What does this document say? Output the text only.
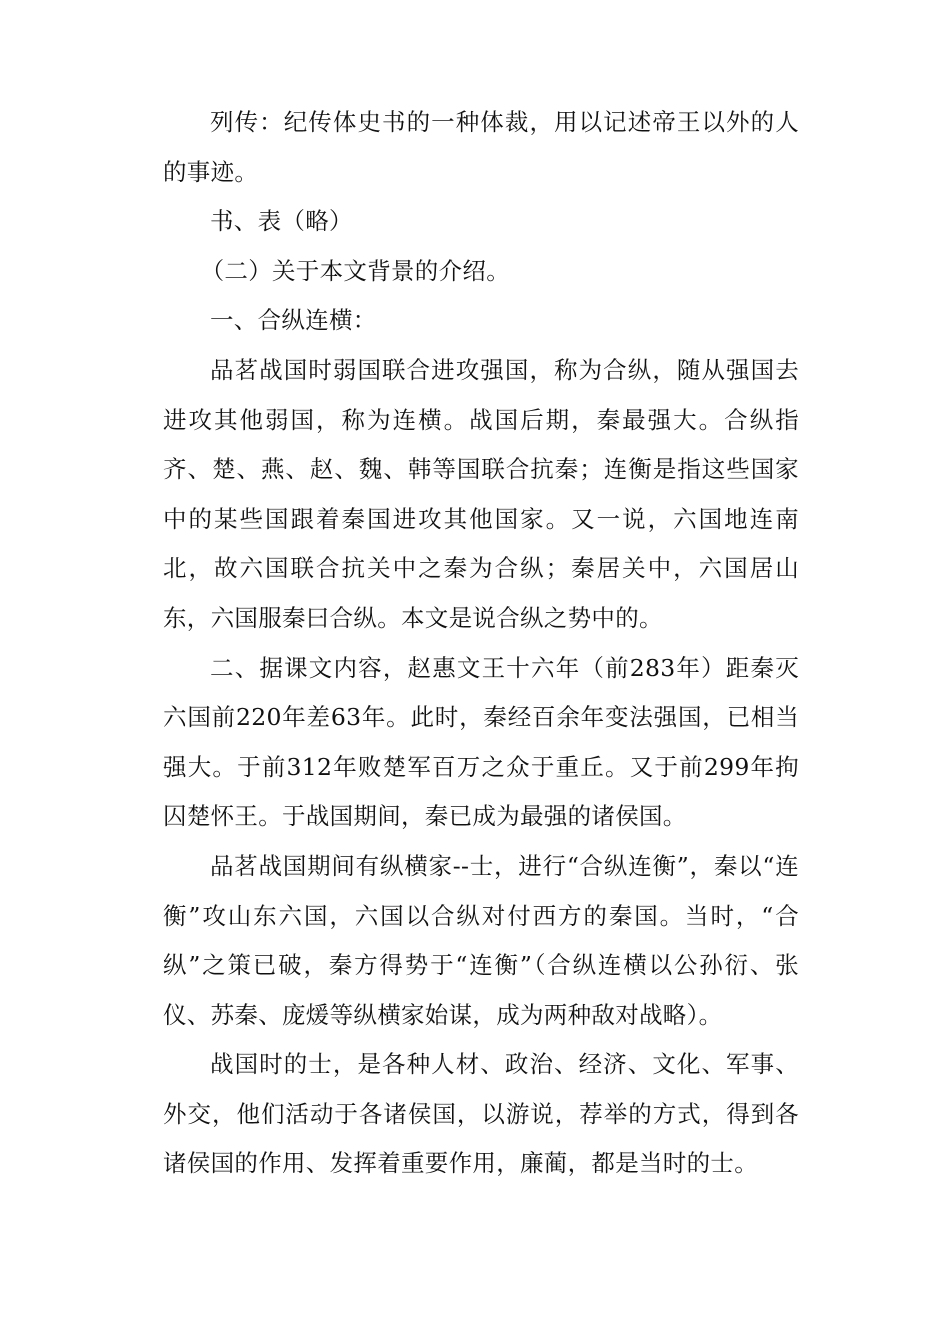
列传：纪传体史书的一种体裁，用以记述帝王以外的人的事迹。

书、表（略）

（二）关于本文背景的介绍。

一、合纵连横：

品茗战国时弱国联合进攻强国，称为合纵，随从强国去进攻其他弱国，称为连横。战国后期，秦最强大。合纵指齐、楚、燕、赵、魏、韩等国联合抗秦；连衡是指这些国家中的某些国跟着秦国进攻其他国家。又一说，六国地连南北，故六国联合抗关中之秦为合纵；秦居关中，六国居山东，六国服秦曰合纵。本文是说合纵之势中的。

二、据课文内容，赵惠文王十六年（前283年）距秦灭六国前220年差63年。此时，秦经百余年变法强国，已相当强大。于前312年败楚军百万之众于重丘。又于前299年拘囚楚怀王。于战国期间，秦已成为最强的诸侯国。

品茗战国期间有纵横家--士，进行“合纵连衡”，秦以“连衡”攻山东六国，六国以合纵对付西方的秦国。当时，“合纵”之策已破，秦方得势于“连衡”（合纵连横以公孙衍、张仪、苏秦、庞煖等纵横家始谋，成为两种敌对战略）。

战国时的士，是各种人材、政治、经济、文化、军事、外交，他们活动于各诸侯国，以游说，荐举的方式，得到各诸侯国的作用、发挥着重要作用，廉蔺，都是当时的士。
